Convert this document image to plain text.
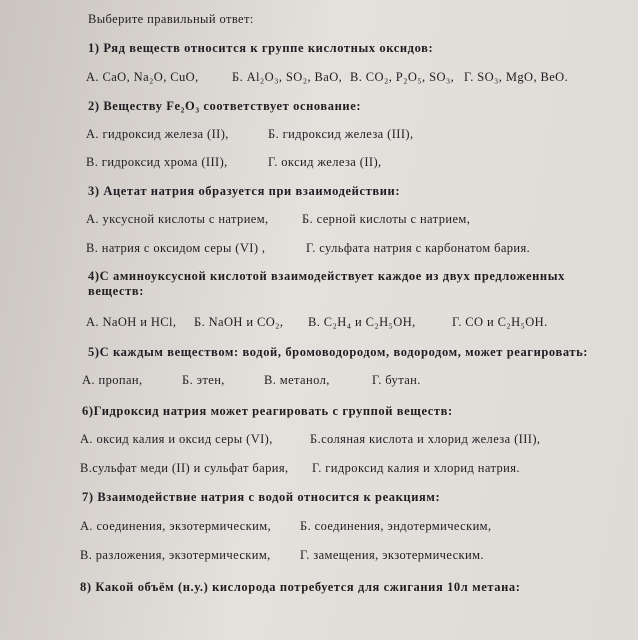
Выберите правильный ответ:
1) Ряд веществ относится к группе кислотных оксидов:
А. CaO, Na₂O, CuO,	Б. Al₂O₃, SO₂, BaO, В. CO₂, P₂O₅, SO₃, Г. SO₃, MgO, BeO.
2) Веществу Fe₂O₃ соответствует основание:
А. гидроксид железа (II),	Б. гидроксид железа (III),
В. гидроксид хрома (III),	Г. оксид железа (II),
3) Ацетат натрия образуется при взаимодействии:
А. уксусной кислоты с натрием,	Б. серной кислоты с натрием,
В. натрия с оксидом серы (VI) ,	Г. сульфата натрия с карбонатом бария.
4)С аминоуксусной кислотой взаимодействует каждое из двух предложенных
веществ:
А. NaOH и HCl, Б. NaOH и CO₂, В. C₂H₄ и C₂H₅OH,	Г. CO и C₂H₅OH.
5)С каждым веществом: водой, бромоводородом, водородом, может реагировать:
А. пропан,	Б. этен,	В. метанол,	Г. бутан.
6)Гидроксид натрия может реагировать с группой веществ:
А. оксид калия и оксид серы (VI),	Б.соляная кислота и хлорид железа (III),
В.сульфат меди (II) и сульфат бария, Г. гидроксид калия и хлорид натрия.
7) Взаимодействие натрия с водой относится к реакциям:
А. соединения, экзотермическим, Б. соединения, эндотермическим,
В. разложения, экзотермическим, Г. замещения, экзотермическим.
8) Какой объём (н.у.) кислорода потребуется для сжигания 10л метана:
